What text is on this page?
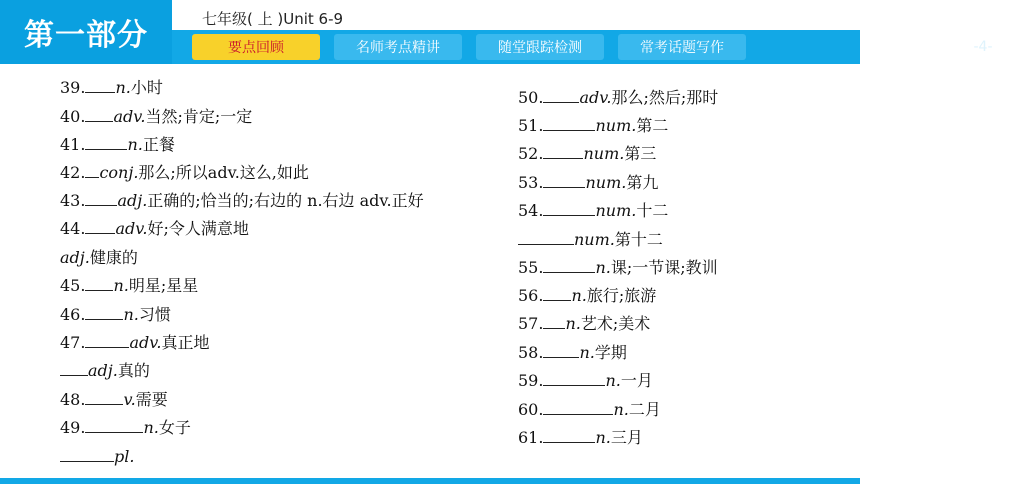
第一部分	七年级( 上 )Unit 6-9
要点回顾	名师考点精讲	随堂跟踪检测	常考话题写作	-4-
39. n.小时
40. adv.当然;肯定;一定
41.	n.正餐
42. conj.那么;所以adv.这么,如此
43. adj.正确的;恰当的;右边的 n.右边 adv.正好
44. adv.好;令人满意地
adj.健康的
45. n.明星;星星
46. n.习惯
47.	adv.真正地
adj.真的
48. v.需要
49.	n.女子
pl.
50. adv.那么;然后;那时
51.	num.第二
52.	num.第三
53.	num.第九
54.	num.十二
num.第十二
55.	n.课;一节课;教训
56. n.旅行;旅游
57. n.艺术;美术
58. n.学期
59.	n.一月
60.	n.二月
61.	n.三月
